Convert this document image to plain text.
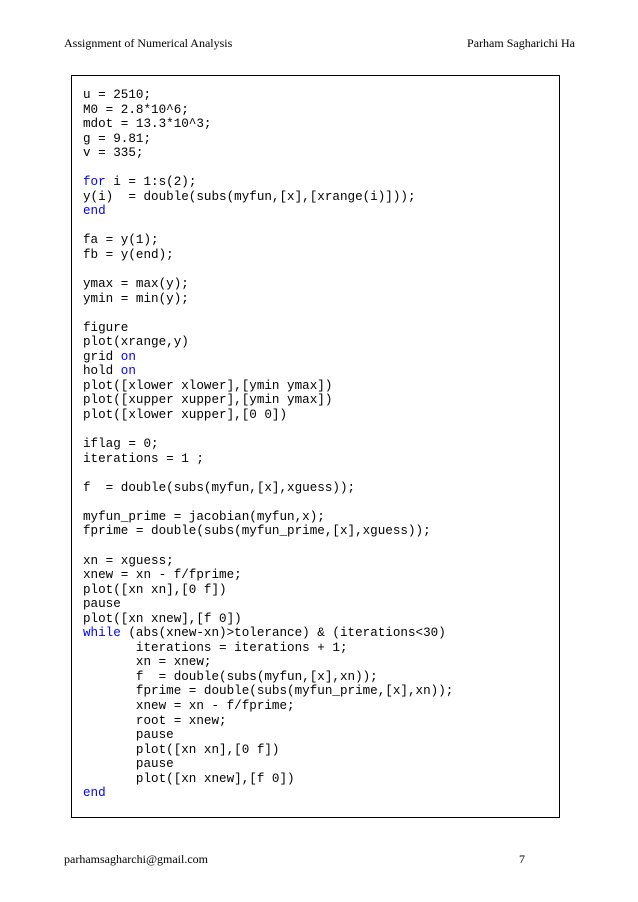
Assignment of Numerical Analysis	Parham Sagharichi Ha
u = 2510;
M0 = 2.8*10^6;
mdot = 13.3*10^3;
g = 9.81;
v = 335;
for i = 1:s(2);
y(i)  = double(subs(myfun,[x],[xrange(i)]));
end
fa = y(1);
fb = y(end);
ymax = max(y);
ymin = min(y);
figure
plot(xrange,y)
grid on
hold on
plot([xlower xlower],[ymin ymax])
plot([xupper xupper],[ymin ymax])
plot([xlower xupper],[0 0])
iflag = 0;
iterations = 1 ;
f  = double(subs(myfun,[x],xguess));
myfun_prime = jacobian(myfun,x);
fprime = double(subs(myfun_prime,[x],xguess));
xn = xguess;
xnew = xn - f/fprime;
plot([xn xn],[0 f])
pause
plot([xn xnew],[f 0])
while (abs(xnew-xn)>tolerance) & (iterations<30)
iterations = iterations + 1;
xn = xnew;
f  = double(subs(myfun,[x],xn));
fprime = double(subs(myfun_prime,[x],xn));
xnew = xn - f/fprime;
root = xnew;
pause
plot([xn xn],[0 f])
pause
plot([xn xnew],[f 0])
end
parhamsagharchi@gmail.com	7
